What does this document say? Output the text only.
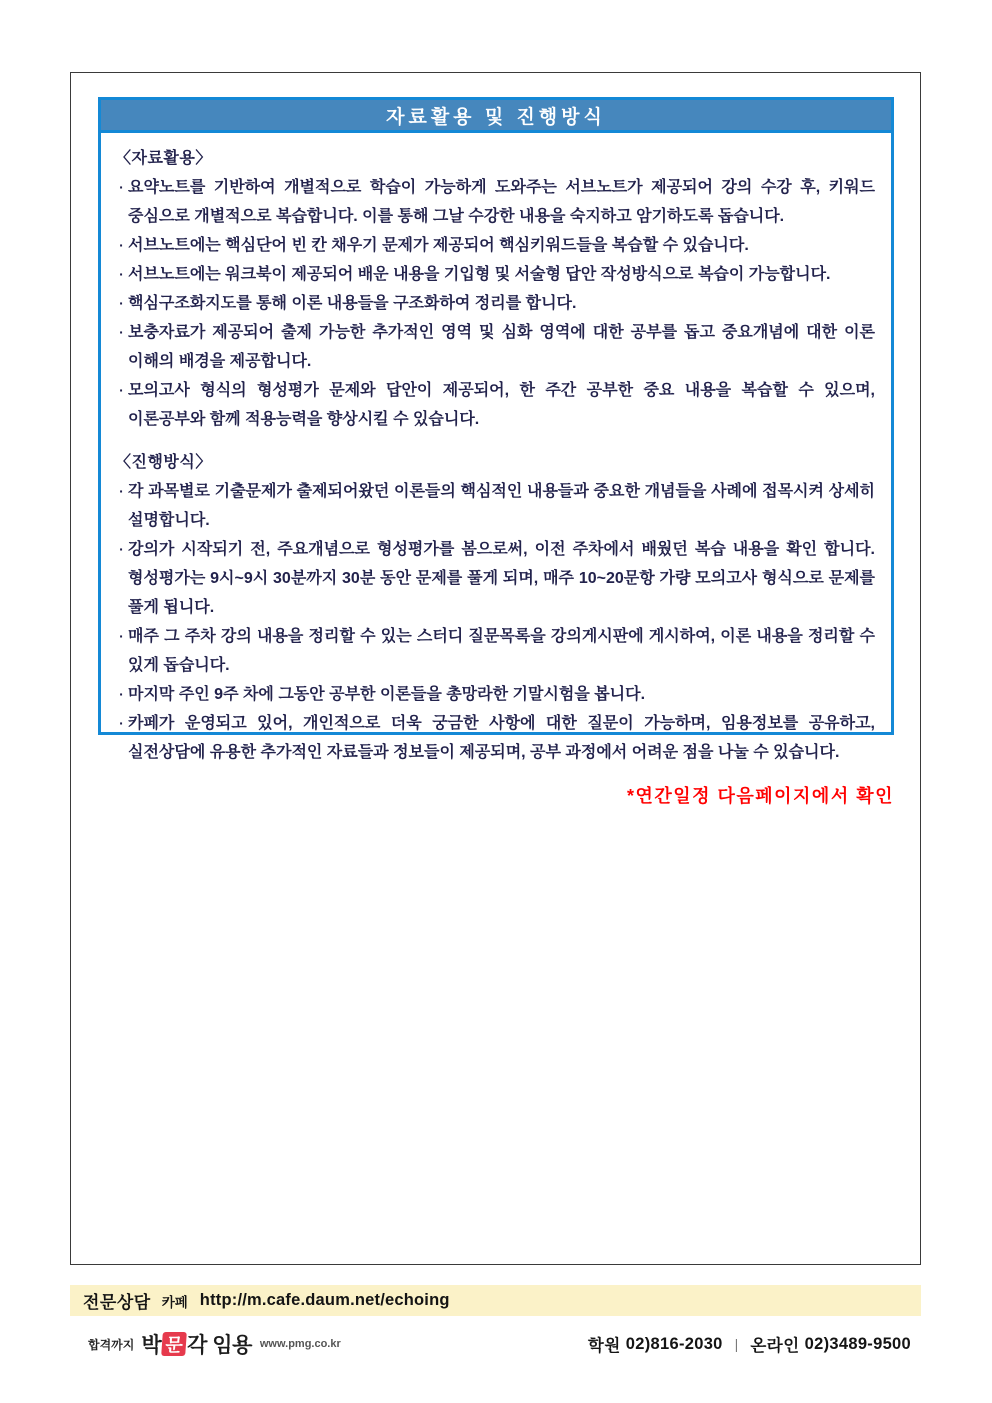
자료활용 및 진행방식
〈자료활용〉
· 요약노트를 기반하여 개별적으로 학습이 가능하게 도와주는 서브노트가 제공되어 강의 수강 후, 키워드 중심으로 개별적으로 복습합니다. 이를 통해 그날 수강한 내용을 숙지하고 암기하도록 돕습니다.
· 서브노트에는 핵심단어 빈 칸 채우기 문제가 제공되어 핵심키워드들을 복습할 수 있습니다.
· 서브노트에는 워크북이 제공되어 배운 내용을 기입형 및 서술형 답안 작성방식으로 복습이 가능합니다.
· 핵심구조화지도를 통해 이론 내용들을 구조화하여 정리를 합니다.
· 보충자료가 제공되어 출제 가능한 추가적인 영역 및 심화 영역에 대한 공부를 돕고 중요개념에 대한 이론 이해의 배경을 제공합니다.
· 모의고사 형식의 형성평가 문제와 답안이 제공되어, 한 주간 공부한 중요 내용을 복습할 수 있으며, 이론공부와 함께 적용능력을 향상시킬 수 있습니다.
〈진행방식〉
· 각 과목별로 기출문제가 출제되어왔던 이론들의 핵심적인 내용들과 중요한 개념들을 사례에 접목시켜 상세히 설명합니다.
· 강의가 시작되기 전, 주요개념으로 형성평가를 봄으로써, 이전 주차에서 배웠던 복습 내용을 확인 합니다. 형성평가는 9시~9시 30분까지 30분 동안 문제를 풀게 되며, 매주 10~20문항 가량 모의고사 형식으로 문제를 풀게 됩니다.
· 매주 그 주차 강의 내용을 정리할 수 있는 스터디 질문목록을 강의게시판에 게시하여, 이론 내용을 정리할 수 있게 돕습니다.
· 마지막 주인 9주 차에 그동안 공부한 이론들을 총망라한 기말시험을 봅니다.
· 카페가 운영되고 있어, 개인적으로 더욱 궁금한 사항에 대한 질문이 가능하며, 임용정보를 공유하고, 실전상담에 유용한 추가적인 자료들과 정보들이 제공되며, 공부 과정에서 어려운 점을 나눌 수 있습니다.
*연간일정 다음페이지에서 확인
전문상담 카페 http://m.cafe.daum.net/echoing
합격까지 박 문 각 임용 www.pmg.co.kr	학원 02)816-2030 | 온라인 02)3489-9500
